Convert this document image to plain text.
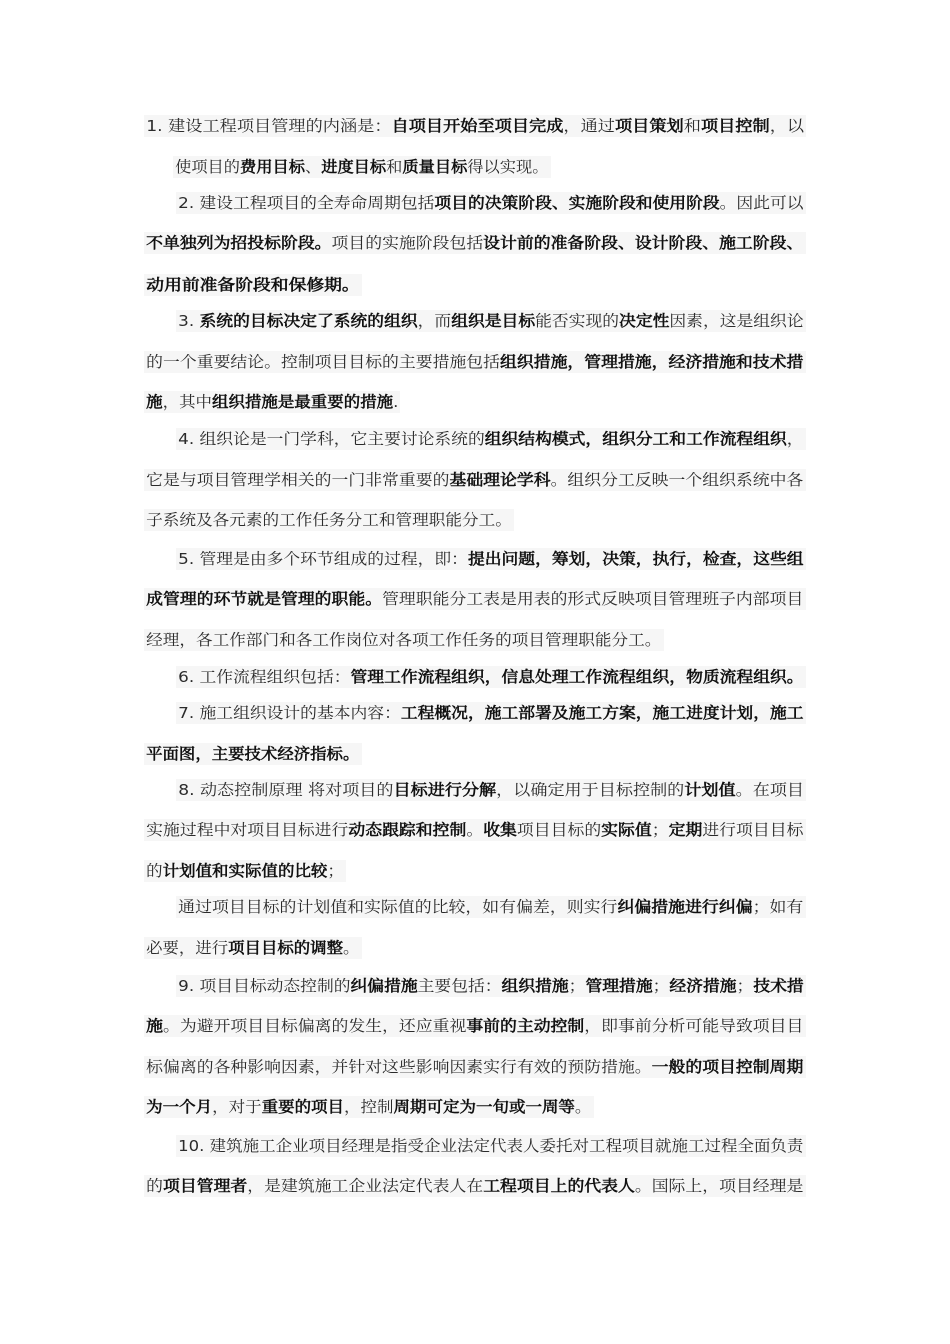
1. 建设工程项目管理的内涵是：自项目开始至项目完成，通过项目策划和项目控制，以
使项目的费用目标、进度目标和质量目标得以实现。
2. 建设工程项目的全寿命周期包括项目的决策阶段、实施阶段和使用阶段。因此可以
不单独列为招投标阶段。项目的实施阶段包括设计前的准备阶段、设计阶段、施工阶段、
动用前准备阶段和保修期。
3. 系统的目标决定了系统的组织，而组织是目标能否实现的决定性因素，这是组织论
的一个重要结论。控制项目目标的主要措施包括组织措施，管理措施，经济措施和技术措
施，其中组织措施是最重要的措施.
4. 组织论是一门学科，它主要讨论系统的组织结构模式，组织分工和工作流程组织，
它是与项目管理学相关的一门非常重要的基础理论学科。组织分工反映一个组织系统中各
子系统及各元素的工作任务分工和管理职能分工。
5. 管理是由多个环节组成的过程，即：提出问题，筹划，决策，执行，检查，这些组
成管理的环节就是管理的职能。管理职能分工表是用表的形式反映项目管理班子内部项目
经理，各工作部门和各工作岗位对各项工作任务的项目管理职能分工。
6. 工作流程组织包括：管理工作流程组织，信息处理工作流程组织，物质流程组织。
7. 施工组织设计的基本内容：工程概况，施工部署及施工方案，施工进度计划，施工
平面图，主要技术经济指标。
8. 动态控制原理 将对项目的目标进行分解，以确定用于目标控制的计划值。在项目
实施过程中对项目目标进行动态跟踪和控制。收集项目目标的实际值；定期进行项目目标
的计划值和实际值的比较；
通过项目目标的计划值和实际值的比较，如有偏差，则实行纠偏措施进行纠偏；如有
必要，进行项目目标的调整。
9. 项目目标动态控制的纠偏措施主要包括：组织措施；管理措施；经济措施；技术措
施。为避开项目目标偏离的发生，还应重视事前的主动控制，即事前分析可能导致项目目
标偏离的各种影响因素，并针对这些影响因素实行有效的预防措施。一般的项目控制周期
为一个月，对于重要的项目，控制周期可定为一旬或一周等。
10. 建筑施工企业项目经理是指受企业法定代表人委托对工程项目就施工过程全面负责
的项目管理者，是建筑施工企业法定代表人在工程项目上的代表人。国际上，项目经理是
